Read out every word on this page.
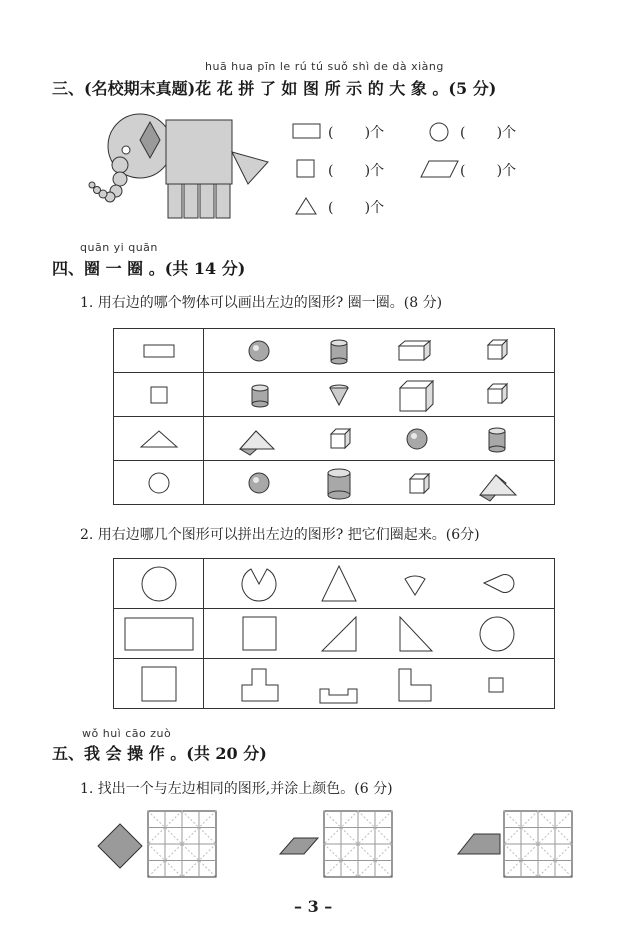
huā hua pīn le rú tú suǒ shì de dà xiàng
三、(名校期末真题)花 花 拼 了 如 图 所 示 的 大 象 。(5 分)
(       )个	(       )个
(       )个	(       )个
(       )个
quān yi quān
四、圈 一 圈 。(共 14 分)
1. 用右边的哪个物体可以画出左边的图形? 圈一圈。(8 分)

2. 用右边哪几个图形可以拼出左边的图形? 把它们圈起来。(6分)

wǒ huì cāo zuò
五、我 会 操 作 。(共 20 分)
1. 找出一个与左边相同的图形,并涂上颜色。(6 分)
– 3 –
